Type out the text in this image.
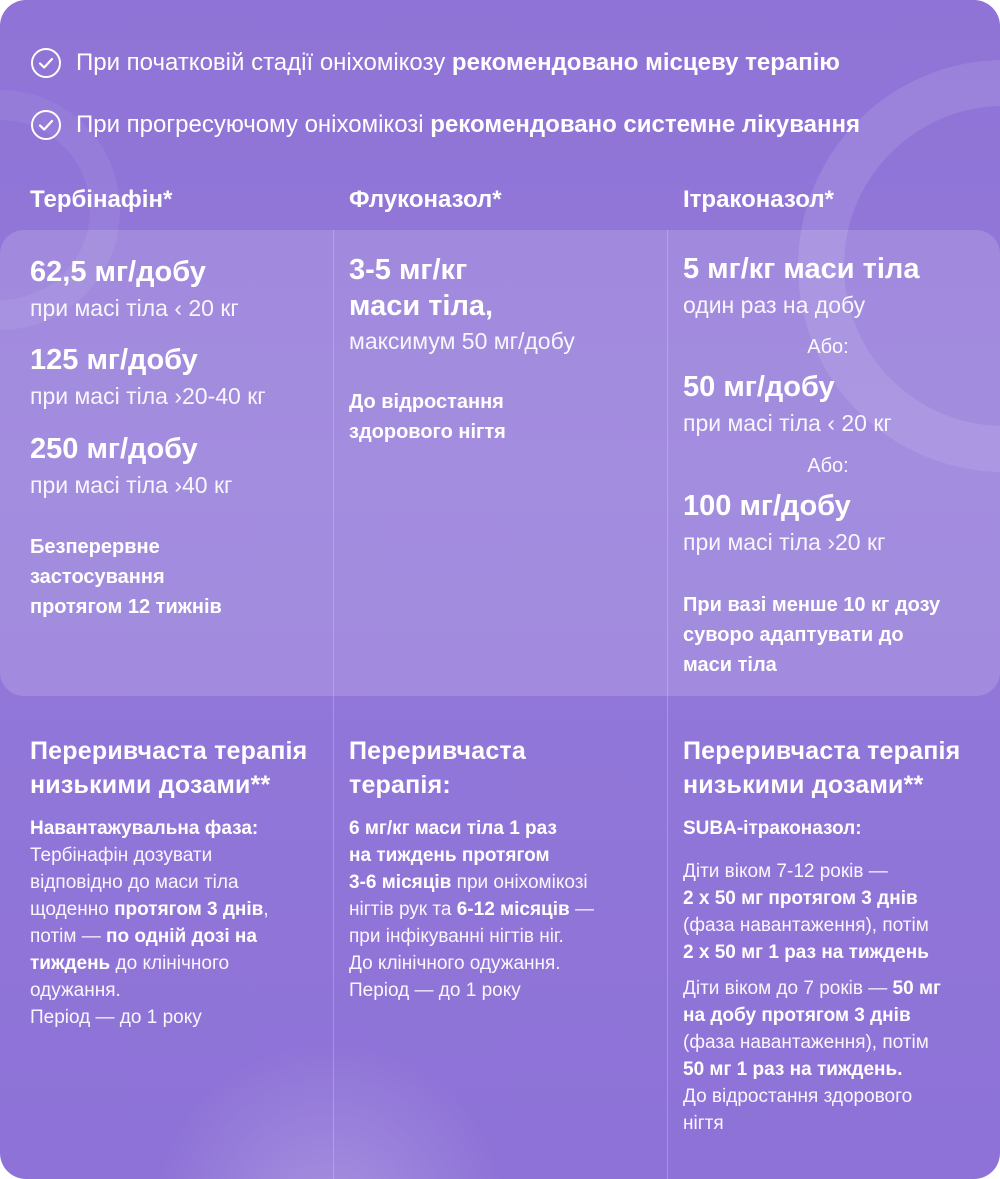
При початковій стадії оніхомікозу рекомендовано місцеву терапію
При прогресуючому оніхомікозі рекомендовано системне лікування
Тербінафін*	Флуконазол*	Ітраконазол*
62,5 мг/добу
при масі тіла ‹ 20 кг
125 мг/добу
при масі тіла ›20-40 кг
250 мг/добу
при масі тіла ›40 кг
Безперервне
застосування
протягом 12 тижнів
3-5 мг/кг
маси тіла,
максимум 50 мг/добу
До відростання
здорового нігтя
5 мг/кг маси тіла
один раз на добу
Або:
50 мг/добу
при масі тіла ‹ 20 кг
Або:
100 мг/добу
при масі тіла ›20 кг
При вазі менше 10 кг дозу
суворо адаптувати до
маси тіла
Переривчаста терапія
низькими дозами**
Навантажувальна фаза:
Тербінафін дозувати
відповідно до маси тіла
щоденно протягом 3 днів,
потім — по одній дозі на
тиждень до клінічного
одужання.
Період — до 1 року
Переривчаста
терапія:
6 мг/кг маси тіла 1 раз
на тиждень протягом
3-6 місяців при оніхомікозі
нігтів рук та 6-12 місяців —
при інфікуванні нігтів ніг.
До клінічного одужання.
Період — до 1 року
Переривчаста терапія
низькими дозами**
SUBA-ітраконазол:
Діти віком 7-12 років —
2 х 50 мг протягом 3 днів
(фаза навантаження), потім
2 х 50 мг 1 раз на тиждень
Діти віком до 7 років — 50 мг
на добу протягом 3 днів
(фаза навантаження), потім
50 мг 1 раз на тиждень.
До відростання здорового
нігтя
